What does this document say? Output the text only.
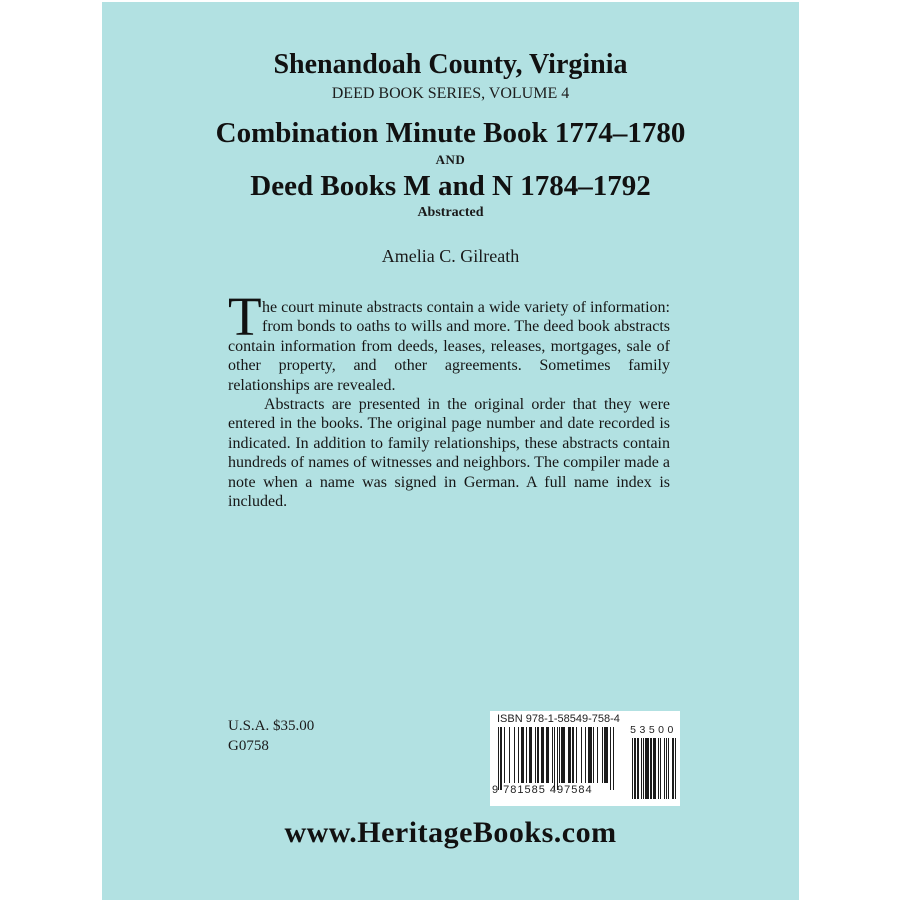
Shenandoah County, Virginia
DEED BOOK SERIES, VOLUME 4
Combination Minute Book 1774–1780
AND
Deed Books M and N 1784–1792
Abstracted
Amelia C. Gilreath
T he court minute abstracts contain a wide variety of information:
from bonds to oaths to wills and more. The deed book abstracts
contain information from deeds, leases, releases, mortgages, sale of
other property, and other agreements. Sometimes family
relationships are revealed.
Abstracts are presented in the original order that they were
entered in the books. The original page number and date recorded is
indicated. In addition to family relationships, these abstracts contain
hundreds of names of witnesses and neighbors. The compiler made a
note when a name was signed in German. A full name index is
included.
U.S.A. $35.00
G0758
ISBN 978-1-58549-758-4
9 781585 497584
53500
www.HeritageBooks.com
